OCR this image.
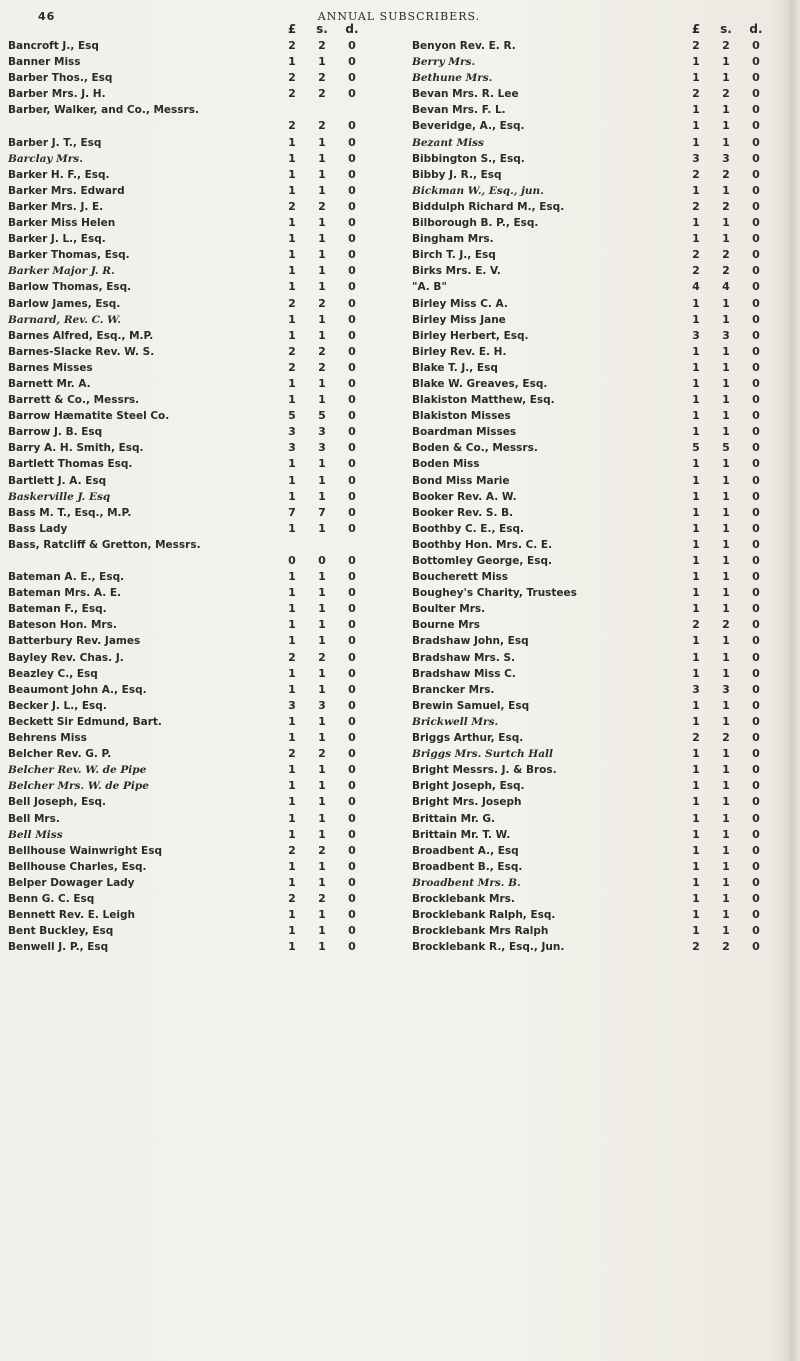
46	ANNUAL SUBSCRIBERS.
£ s. d.	£ s. d.
Bancroft J., Esq	2	2	0
Banner Miss	1	1	0
Barber Thos., Esq	2	2	0
Barber Mrs. J. H.	2	2	0
Barber, Walker, and Co., Messrs.
2	2	0
Barber J. T., Esq	1	1	0
Barclay Mrs.	1	1	0
Barker H. F., Esq.	1	1	0
Barker Mrs. Edward	1	1	0
Barker Mrs. J. E.	2	2	0
Barker Miss Helen	1	1	0
Barker J. L., Esq.	1	1	0
Barker Thomas, Esq.	1	1	0
Barker Major J. R.	1	1	0
Barlow Thomas, Esq.	1	1	0
Barlow James, Esq.	2	2	0
Barnard, Rev. C. W.	1	1	0
Barnes Alfred, Esq., M.P.	1	1	0
Barnes-Slacke Rev. W. S.	2	2	0
Barnes Misses	2	2	0
Barnett Mr. A.	1	1	0
Barrett & Co., Messrs.	1	1	0
Barrow Hæmatite Steel Co.	5	5	0
Barrow J. B. Esq	3	3	0
Barry A. H. Smith, Esq.	3	3	0
Bartlett Thomas Esq.	1	1	0
Bartlett J. A. Esq	1	1	0
Baskerville J. Esq	1	1	0
Bass M. T., Esq., M.P.	7	7	0
Bass Lady	1	1	0
Bass, Ratcliff & Gretton, Messrs.
0	0	0
Bateman A. E., Esq.	1	1	0
Bateman Mrs. A. E.	1	1	0
Bateman F., Esq.	1	1	0
Bateson Hon. Mrs.	1	1	0
Batterbury Rev. James	1	1	0
Bayley Rev. Chas. J.	2	2	0
Beazley C., Esq	1	1	0
Beaumont John A., Esq.	1	1	0
Becker J. L., Esq.	3	3	0
Beckett Sir Edmund, Bart.	1	1	0
Behrens Miss	1	1	0
Belcher Rev. G. P.	2	2	0
Belcher Rev. W. de Pipe	1	1	0
Belcher Mrs. W. de Pipe	1	1	0
Bell Joseph, Esq.	1	1	0
Bell Mrs.	1	1	0
Bell Miss	1	1	0
Bellhouse Wainwright Esq	2	2	0
Bellhouse Charles, Esq.	1	1	0
Belper Dowager Lady	1	1	0
Benn G. C. Esq	2	2	0
Bennett Rev. E. Leigh	1	1	0
Bent Buckley, Esq	1	1	0
Benwell J. P., Esq	1	1	0
Benyon Rev. E. R.	2	2	0
Berry Mrs.	1	1	0
Bethune Mrs.	1	1	0
Bevan Mrs. R. Lee	2	2	0
Bevan Mrs. F. L.	1	1	0
Beveridge, A., Esq.	1	1	0
Bezant Miss	1	1	0
Bibbington S., Esq.	3	3	0
Bibby J. R., Esq	2	2	0
Bickman W., Esq., jun.	1	1	0
Biddulph Richard M., Esq.	2	2	0
Bilborough B. P., Esq.	1	1	0
Bingham Mrs.	1	1	0
Birch T. J., Esq	2	2	0
Birks Mrs. E. V.	2	2	0
"A. B"	4	4	0
Birley Miss C. A.	1	1	0
Birley Miss Jane	1	1	0
Birley Herbert, Esq.	3	3	0
Birley Rev. E. H.	1	1	0
Blake T. J., Esq	1	1	0
Blake W. Greaves, Esq.	1	1	0
Blakiston Matthew, Esq.	1	1	0
Blakiston Misses	1	1	0
Boardman Misses	1	1	0
Boden & Co., Messrs.	5	5	0
Boden Miss	1	1	0
Bond Miss Marie	1	1	0
Booker Rev. A. W.	1	1	0
Booker Rev. S. B.	1	1	0
Boothby C. E., Esq.	1	1	0
Boothby Hon. Mrs. C. E.	1	1	0
Bottomley George, Esq.	1	1	0
Boucherett Miss	1	1	0
Boughey's Charity, Trustees	1	1	0
Boulter Mrs.	1	1	0
Bourne Mrs	2	2	0
Bradshaw John, Esq	1	1	0
Bradshaw Mrs. S.	1	1	0
Bradshaw Miss C.	1	1	0
Brancker Mrs.	3	3	0
Brewin Samuel, Esq	1	1	0
Brickwell Mrs.	1	1	0
Briggs Arthur, Esq.	2	2	0
Briggs Mrs. Surtch Hall	1	1	0
Bright Messrs. J. & Bros.	1	1	0
Bright Joseph, Esq.	1	1	0
Bright Mrs. Joseph	1	1	0
Brittain Mr. G.	1	1	0
Brittain Mr. T. W.	1	1	0
Broadbent A., Esq	1	1	0
Broadbent B., Esq.	1	1	0
Broadbent Mrs. B.	1	1	0
Brocklebank Mrs.	1	1	0
Brocklebank Ralph, Esq.	1	1	0
Brocklebank Mrs Ralph	1	1	0
Brocklebank R., Esq., Jun.	2	2	0
